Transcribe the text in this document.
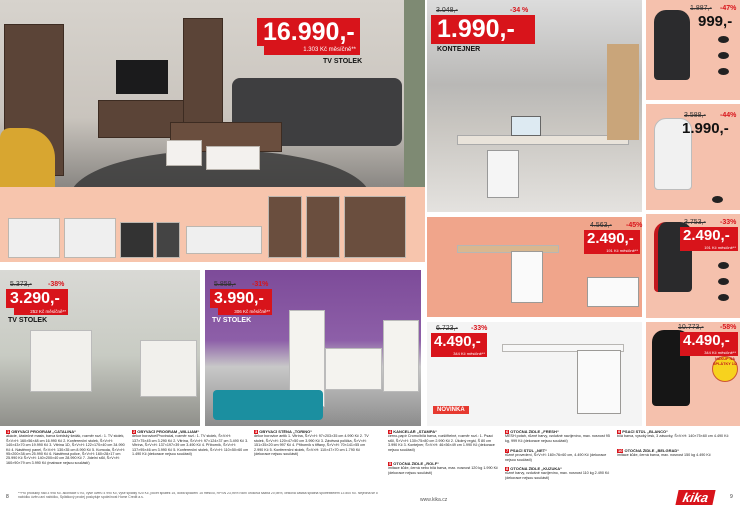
16.990,-
1.303 Kč měsíčně**
TV STOLEK
5.373,- -38%
3.290,-
252 Kč měsíčně**
TV STOLEK
5.859,- -31%
3.990,-
306 Kč měsíčně**
TV STOLEK
3.048,-	-34 %
1.990,-
KONTEJNER
4.563,- -45%
2.490,-
191 Kč měsíčně**
6.723,- -33%
4.490,-
344 Kč měsíčně**
NOVINKA
1.887,- -47%
999,-
3.588,- -44%
1.990,-
3.753,- -33%
2.490,-
191 Kč měsíčně**
10.773,- -58%
4.490,-
344 Kč měsíčně**
NÁKUP NA SPLÁTKY 1/2
1 OBÝVACÍ PROGRAM „CATALINA“
akácie, částečné masiv, barva švédský šedák, rozměr rozl.: 1. TV stolek, Š×V×H: 160×56×48 cm 16.990 Kč 2. Konferenční stolek, Š×V×H: 140×43×70 cm 19.990 Kč 3. Vitrína 1D, Š×V×H: 122×170×40 cm 34.990 Kč 4. Nástěnný panel, Š×V×H: 130×35 cm 8.990 Kč 5. Komoda, Š×V×H: 95×200×38 cm 25.990 Kč 6. Nástěnná police, Š×V×H: 160×28×17 cm 25.990 Kč Š×V×H: 140×200×40 cm 28.990 Kč 7. Jídelní stůl, Š×V×H: 160×90×79 cm 3.990 Kč (matrace nejsou součástí)
2 OBÝVACÍ PROGRAM „WILLIAM“
dekor borovice/Provincial, rozměr rozl.: 1. TV stolek, Š×V×H: 137×75×45 cm 3.290 Kč 2. Vitrína, Š×V×H: 97×124×37 cm 3.490 Kč 3. Vitrína, Š×V×H: 137×197×39 cm 3.490 Kč 4. Příborník, Š×V×H: 137×95×46 cm 3.990 Kč 5. Konferenční stolek, Š×V×H: 110×50×60 cm 1.490 Kč (dekorace nejsou součástí)
3 OBÝVACÍ STĚNA „TORINO“
dekor borovice antik 1. Vitrína, Š×V×H: 97×203×35 cm 4.990 Kč 2. TV stolek, Š×V×H: 120×47×50 cm 3.990 Kč 3. Závěsná polička, Š×V×H: 151×35×20 cm 997 Kč 4. Příborník s tiffany, Š×V×H: 70×141×55 cm 2.990 Kč 5. Konferenční stolek, Š×V×H: 110×47×70 cm 1.790 Kč (dekorace nejsou součástí)
4 KANCELÁŘ „STAMPA“
černo-papír Cromo/bílá barva, rozšířitelné, rozměr rozl.: 1. Psací stůl, Š×V×H: 130×75×80 cm 2.990 Kč 2. Úložný regál, Š 80 cm 3.990 Kč 3. Kontejner, Š×V×H: 46×56×49 cm 1.990 Kč (dekorace nejsou součástí)
5 OTOČNÁ ŽIDLE „ROLF“
imitace kůže, černá nebo bílá barva, max. nosnost 120 kg 1.990 Kč (dekorace nejsou součástí)
6 OTOČNÁ ŽIDLE „FRESH“
MESH potah, různé barvy, vzdušné navíjeníno, max. nosnost 95 kg, 999 Kč (dekorace nejsou součástí)
7 PSACÍ STŮL „NET“
různé provedení, Š×V×H: 160×76×60 cm, 4.490 Kč (dekorace nejsou součástí)
8 OTOČNÁ ŽIDLE „KUZUKA“
různé barvy, vzdušné navíjeníno, max. nosnost 110 kg 2.490 Kč (dekorace nejsou součástí)
9 PSACÍ STŮL „BLANCO“
bílá barva, vysoký lesk, 3 zásuvky, Š×V×H: 140×75×60 cm 4.490 Kč
10 OTOČNÁ ŽIDLE „BELGRAD“
imitace kůže, černá barva, max. nosnost 150 kg 4.490 Kč
8
**Pro produkty nad 3 998 Kč. akontace 0 Kč, výše úvěru 4 990 Kč, výše splátky 920 Kč, počet splátek 15, doba splácení 15 měsíců, RPSN 23,95% roční úroková sazba 20,98%, celková částka splatná spotřebitelem 13 800 Kč. Nejedná se o nabídku úvěru ani nabídku, Splátkový prodej poskytuje společnost Home Credit a.s.
www.kika.cz	kika	9
